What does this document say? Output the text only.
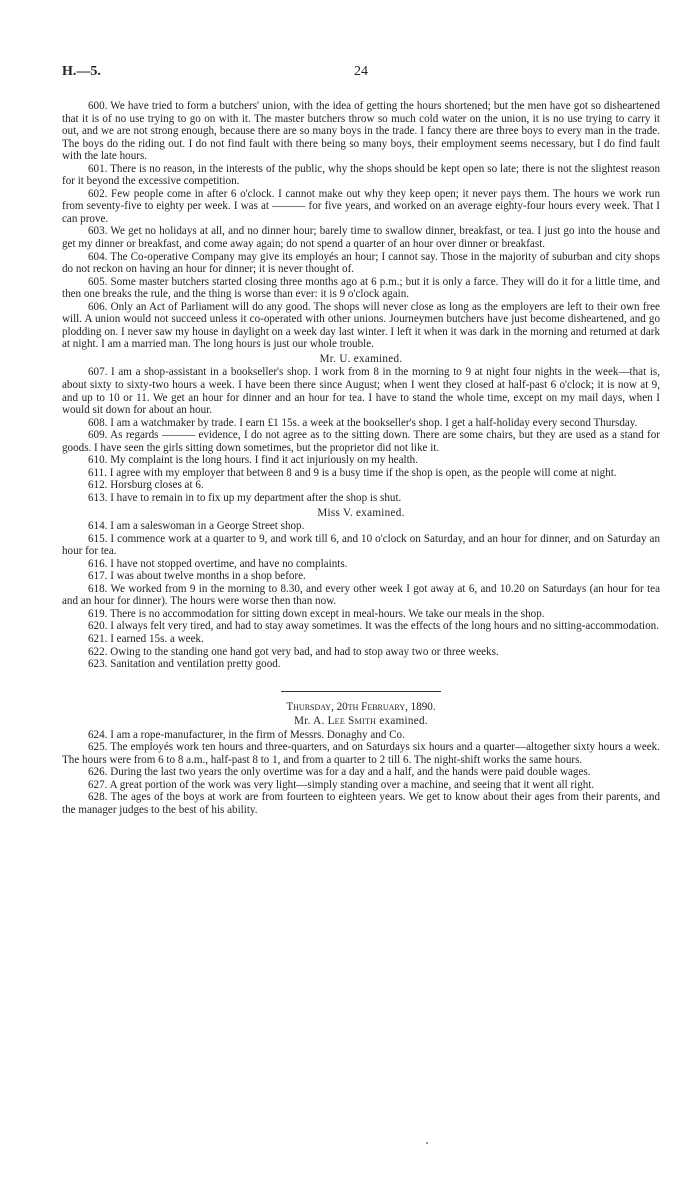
H.—5.	24

600. We have tried to form a butchers' union, with the idea of getting the hours shortened; but the men have got so disheartened that it is of no use trying to go on with it. The master butchers throw so much cold water on the union, it is no use trying to carry it out, and we are not strong enough, because there are so many boys in the trade. I fancy there are three boys to every man in the trade. The boys do the riding out. I do not find fault with there being so many boys, their employment seems necessary, but I do find fault with the late hours.

601. There is no reason, in the interests of the public, why the shops should be kept open so late; there is not the slightest reason for it beyond the excessive competition.

602. Few people come in after 6 o'clock. I cannot make out why they keep open; it never pays them. The hours we work run from seventy-five to eighty per week. I was at ——— for five years, and worked on an average eighty-four hours every week. That I can prove.

603. We get no holidays at all, and no dinner hour; barely time to swallow dinner, breakfast, or tea. I just go into the house and get my dinner or breakfast, and come away again; do not spend a quarter of an hour over dinner or breakfast.

604. The Co-operative Company may give its employés an hour; I cannot say. Those in the majority of suburban and city shops do not reckon on having an hour for dinner; it is never thought of.

605. Some master butchers started closing three months ago at 6 p.m.; but it is only a farce. They will do it for a little time, and then one breaks the rule, and the thing is worse than ever: it is 9 o'clock again.

606. Only an Act of Parliament will do any good. The shops will never close as long as the employers are left to their own free will. A union would not succeed unless it co-operated with other unions. Journeymen butchers have just become disheartened, and go plodding on. I never saw my house in daylight on a week day last winter. I left it when it was dark in the morning and returned at dark at night. I am a married man. The long hours is just our whole trouble.

Mr. U. examined.

607. I am a shop-assistant in a bookseller's shop. I work from 8 in the morning to 9 at night four nights in the week—that is, about sixty to sixty-two hours a week. I have been there since August; when I went they closed at half-past 6 o'clock; it is now at 9, and up to 10 or 11. We get an hour for dinner and an hour for tea. I have to stand the whole time, except on my mail days, when I would sit down for about an hour.

608. I am a watchmaker by trade. I earn £1 15s. a week at the bookseller's shop. I get a half-holiday every second Thursday.

609. As regards ——— evidence, I do not agree as to the sitting down. There are some chairs, but they are used as a stand for goods. I have seen the girls sitting down sometimes, but the proprietor did not like it.

610. My complaint is the long hours. I find it act injuriously on my health.

611. I agree with my employer that between 8 and 9 is a busy time if the shop is open, as the people will come at night.

612. Horsburg closes at 6.

613. I have to remain in to fix up my department after the shop is shut.

Miss V. examined.

614. I am a saleswoman in a George Street shop.

615. I commence work at a quarter to 9, and work till 6, and 10 o'clock on Saturday, and an hour for dinner, and on Saturday an hour for tea.

616. I have not stopped overtime, and have no complaints.

617. I was about twelve months in a shop before.

618. We worked from 9 in the morning to 8.30, and every other week I got away at 6, and 10.20 on Saturdays (an hour for tea and an hour for dinner). The hours were worse then than now.

619. There is no accommodation for sitting down except in meal-hours. We take our meals in the shop.

620. I always felt very tired, and had to stay away sometimes. It was the effects of the long hours and no sitting-accommodation.

621. I earned 15s. a week.

622. Owing to the standing one hand got very bad, and had to stop away two or three weeks.

623. Sanitation and ventilation pretty good.

Thursday, 20th February, 1890.

Mr. A. Lee Smith examined.

624. I am a rope-manufacturer, in the firm of Messrs. Donaghy and Co.

625. The employés work ten hours and three-quarters, and on Saturdays six hours and a quarter—altogether sixty hours a week. The hours were from 6 to 8 a.m., half-past 8 to 1, and from a quarter to 2 till 6. The night-shift works the same hours.

626. During the last two years the only overtime was for a day and a half, and the hands were paid double wages.

627. A great portion of the work was very light—simply standing over a machine, and seeing that it went all right.

628. The ages of the boys at work are from fourteen to eighteen years. We get to know about their ages from their parents, and the manager judges to the best of his ability.
